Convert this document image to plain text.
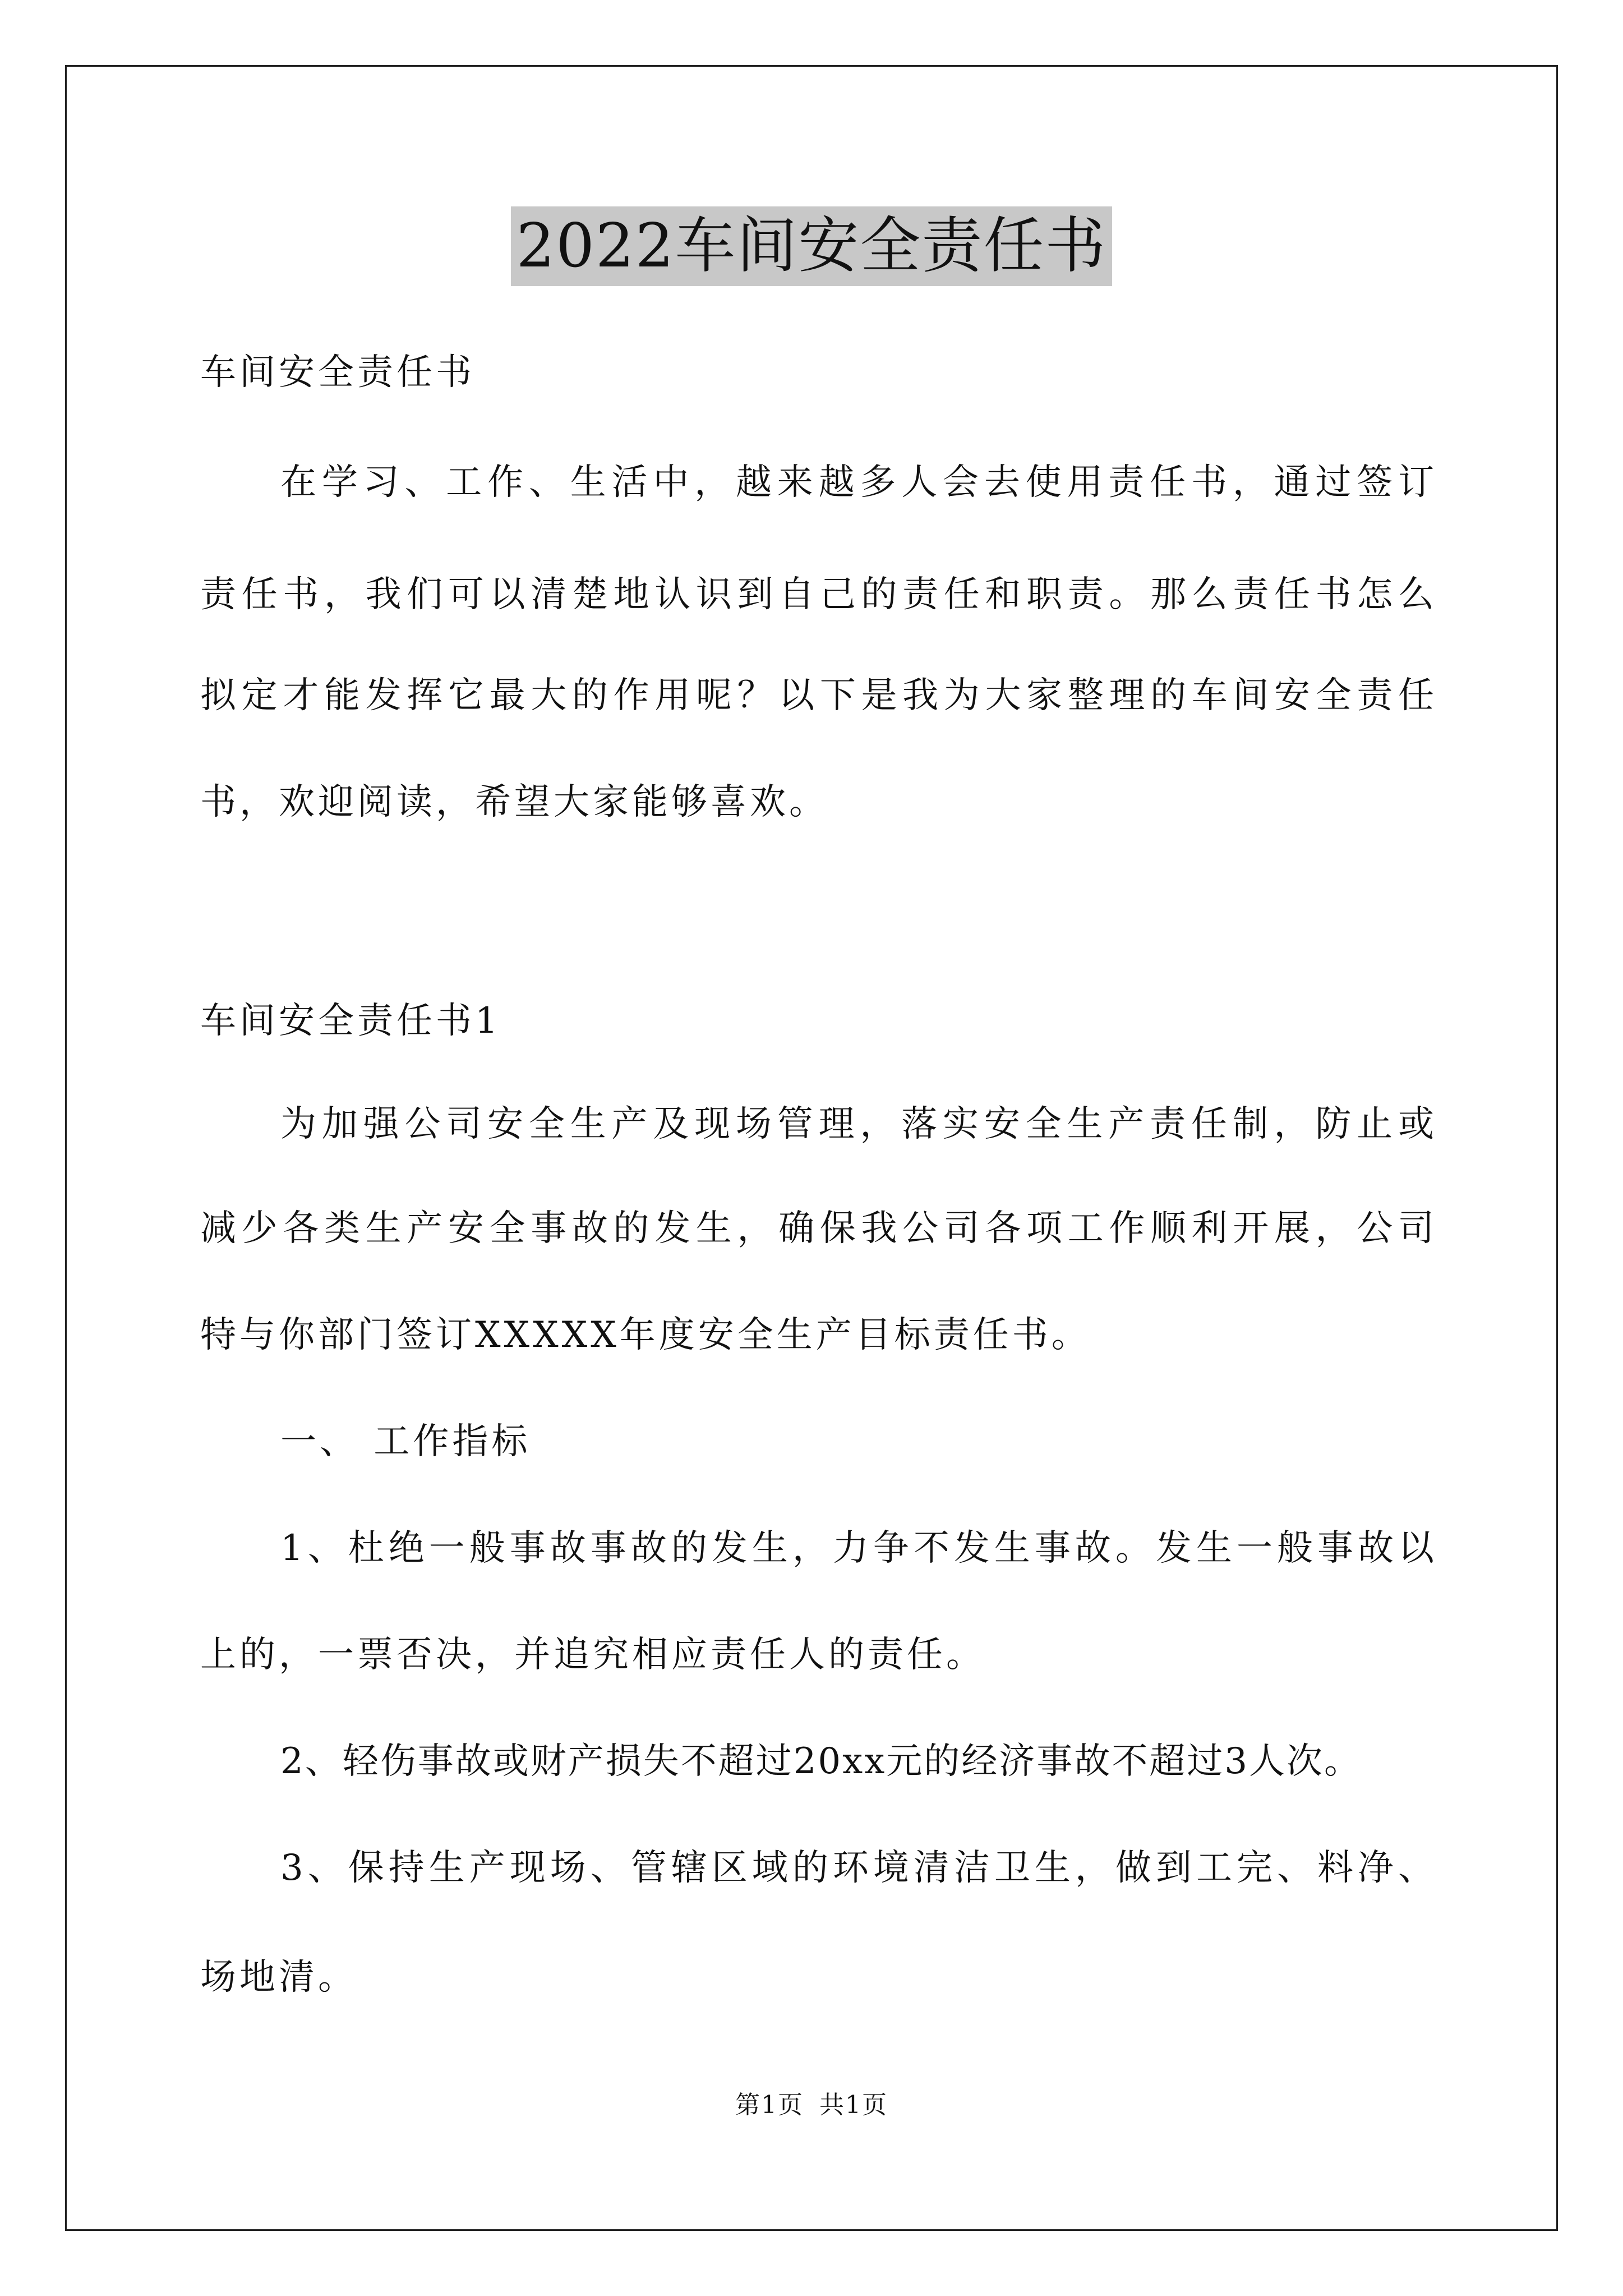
2022车间安全责任书
车间安全责任书
在学习、工作、生活中，越来越多人会去使用责任书，通过签订
责任书，我们可以清楚地认识到自己的责任和职责。那么责任书怎么
拟定才能发挥它最大的作用呢？以下是我为大家整理的车间安全责任
书，欢迎阅读，希望大家能够喜欢。
车间安全责任书1
为加强公司安全生产及现场管理，落实安全生产责任制，防止或
减少各类生产安全事故的发生，确保我公司各项工作顺利开展，公司
特与你部门签订XXXXX年度安全生产目标责任书。
一、 工作指标
1、杜绝一般事故事故的发生，力争不发生事故。发生一般事故以
上的，一票否决，并追究相应责任人的责任。
2、轻伤事故或财产损失不超过20xx元的经济事故不超过3人次。
3、保持生产现场、管辖区域的环境清洁卫生，做到工完、料净、
场地清。
第1页 共1页
